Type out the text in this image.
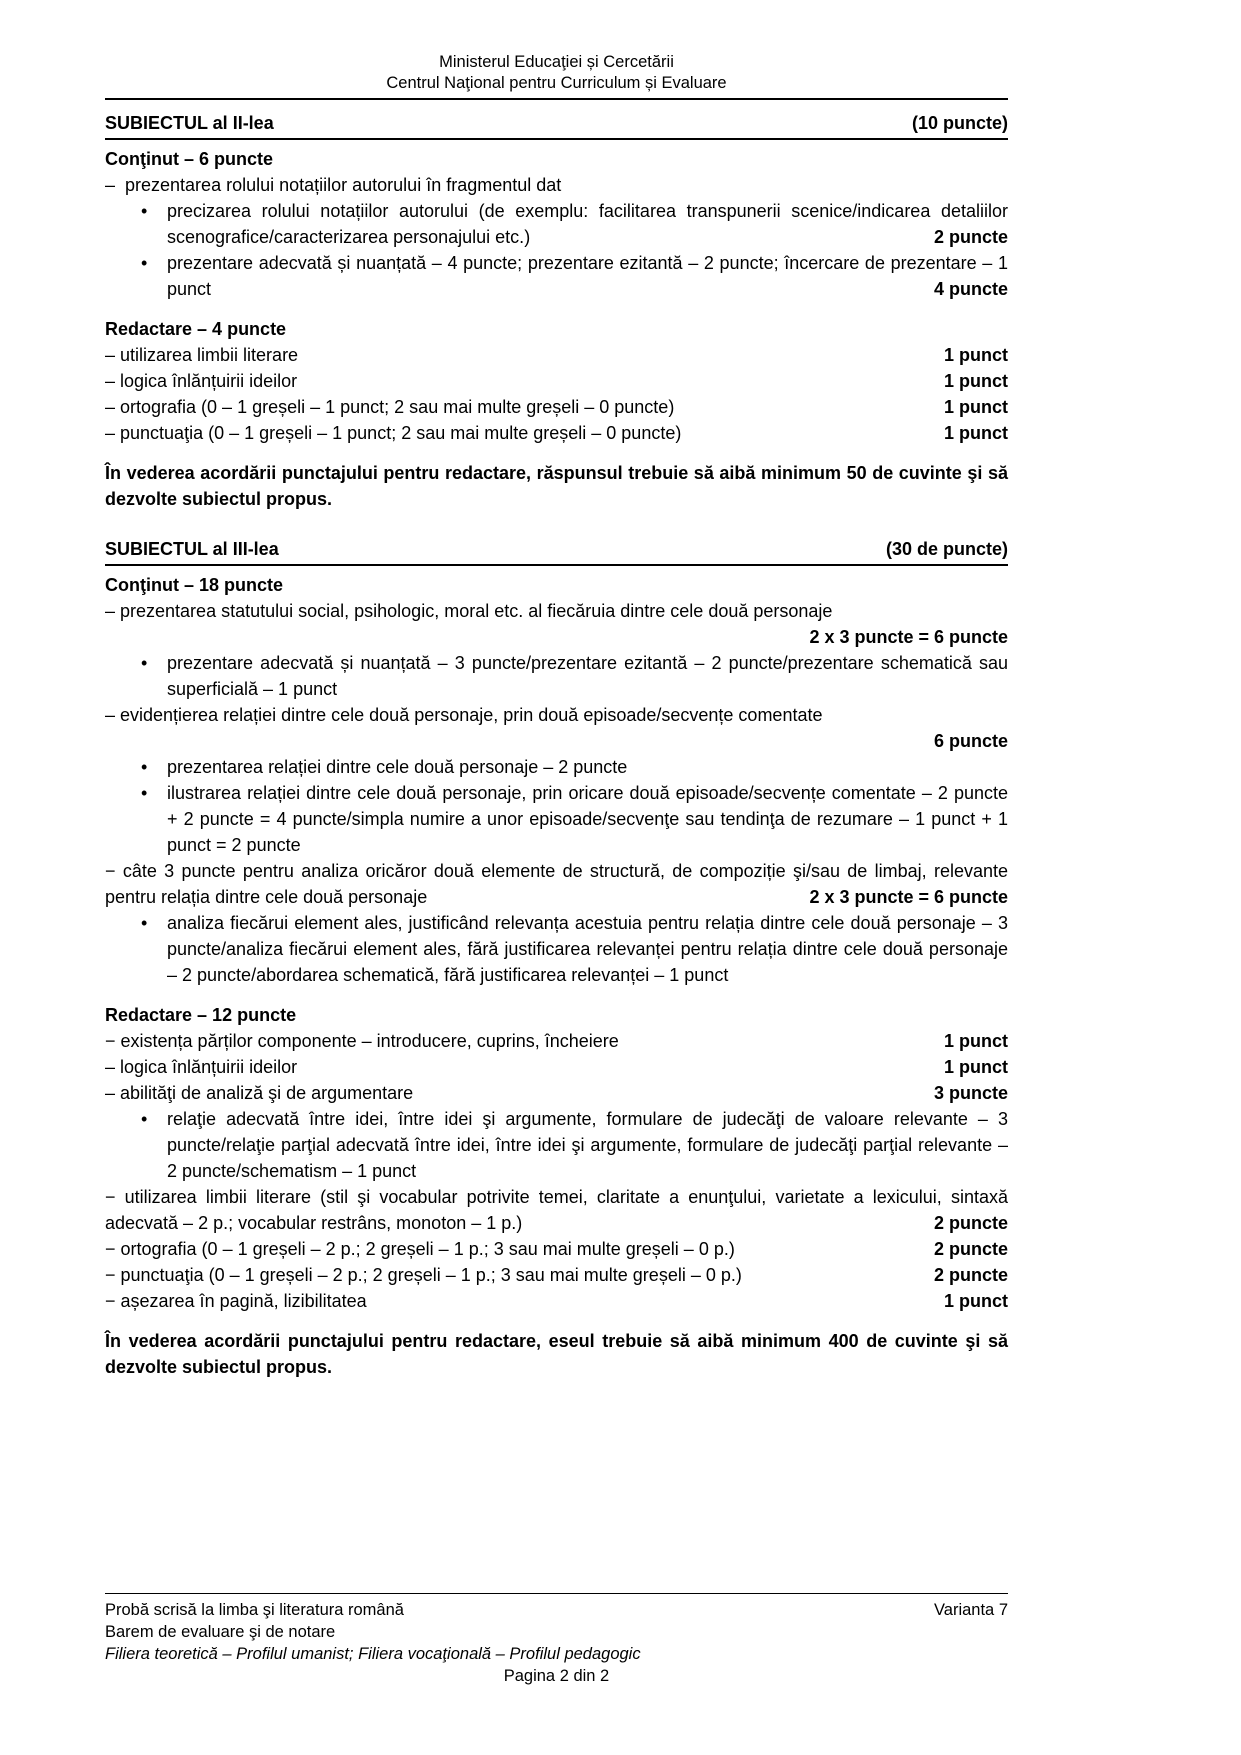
Ministerul Educaţiei și Cercetării
Centrul Naţional pentru Curriculum și Evaluare
SUBIECTUL al II-lea	(10 puncte)
Conţinut – 6 puncte
–  prezentarea rolului notațiilor autorului în fragmentul dat
• precizarea rolului notațiilor autorului (de exemplu: facilitarea transpunerii scenice/indicarea detaliilor scenografice/caracterizarea personajului etc.)	2 puncte
• prezentare adecvată și nuanțată – 4 puncte; prezentare ezitantă – 2 puncte; încercare de prezentare – 1 punct	4 puncte
Redactare – 4 puncte
– utilizarea limbii literare	1 punct
– logica înlănțuirii ideilor	1 punct
– ortografia (0 – 1 greșeli – 1 punct; 2 sau mai multe greșeli – 0 puncte)	1 punct
– punctuaţia (0 – 1 greșeli – 1 punct; 2 sau mai multe greșeli – 0 puncte)	1 punct
În vederea acordării punctajului pentru redactare, răspunsul trebuie să aibă minimum 50 de cuvinte şi să dezvolte subiectul propus.
SUBIECTUL al III-lea	(30 de puncte)
Conţinut – 18 puncte
– prezentarea statutului social, psihologic, moral etc. al fiecăruia dintre cele două personaje
2 x 3 puncte = 6 puncte
• prezentare adecvată și nuanțată – 3 puncte/prezentare ezitantă – 2 puncte/prezentare schematică sau superficială – 1 punct
– evidențierea relației dintre cele două personaje, prin două episoade/secvențe comentate
6 puncte
• prezentarea relației dintre cele două personaje – 2 puncte
• ilustrarea relației dintre cele două personaje, prin oricare două episoade/secvențe comentate – 2 puncte + 2 puncte = 4 puncte/simpla numire a unor episoade/secvenţe sau tendinţa de rezumare – 1 punct + 1 punct = 2 puncte
− câte 3 puncte pentru analiza oricăror două elemente de structură, de compoziție şi/sau de limbaj, relevante pentru relația dintre cele două personaje	2 x 3 puncte = 6 puncte
• analiza fiecărui element ales, justificând relevanța acestuia pentru relația dintre cele două personaje – 3 puncte/analiza fiecărui element ales, fără justificarea relevanței pentru relația dintre cele două personaje – 2 puncte/abordarea schematică, fără justificarea relevanței – 1 punct
Redactare – 12 puncte
− existența părților componente – introducere, cuprins, încheiere	1 punct
– logica înlănțuirii ideilor	1 punct
– abilităţi de analiză şi de argumentare	3 puncte
• relaţie adecvată între idei, între idei şi argumente, formulare de judecăţi de valoare relevante – 3 puncte/relaţie parţial adecvată între idei, între idei şi argumente, formulare de judecăţi parţial relevante – 2 puncte/schematism – 1 punct
− utilizarea limbii literare (stil şi vocabular potrivite temei, claritate a enunţului, varietate a lexicului, sintaxă adecvată – 2 p.; vocabular restrâns, monoton – 1 p.)	2 puncte
− ortografia (0 – 1 greșeli – 2 p.; 2 greșeli – 1 p.; 3 sau mai multe greșeli – 0 p.)	2 puncte
− punctuaţia (0 – 1 greșeli – 2 p.; 2 greșeli – 1 p.; 3 sau mai multe greșeli – 0 p.)	2 puncte
− așezarea în pagină, lizibilitatea	1 punct
În vederea acordării punctajului pentru redactare, eseul trebuie să aibă minimum 400 de cuvinte şi să dezvolte subiectul propus.
Probă scrisă la limba şi literatura română	Varianta 7
Barem de evaluare şi de notare
Filiera teoretică – Profilul umanist; Filiera vocaţională – Profilul pedagogic
Pagina 2 din 2
